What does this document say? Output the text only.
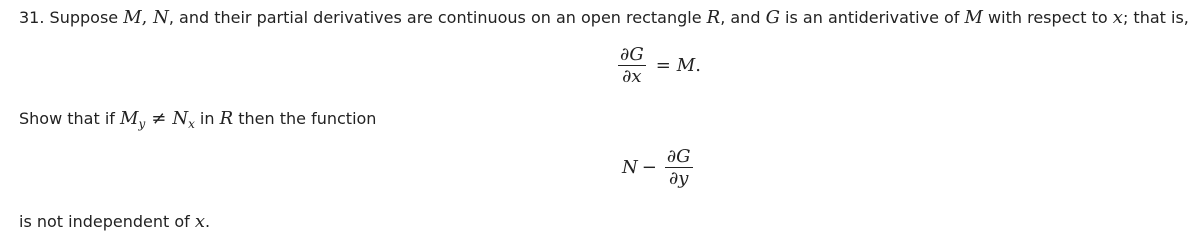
31. Suppose M, N, and their partial derivatives are continuous on an open rectangle R, and G is an antiderivative of M with respect to x; that is,
$\frac{\partial G}{\partial x} = M$ .
Show that if $M_y \ne N_x$ in R then the function
$N - \frac{\partial G}{\partial y}$
is not independent of x.
